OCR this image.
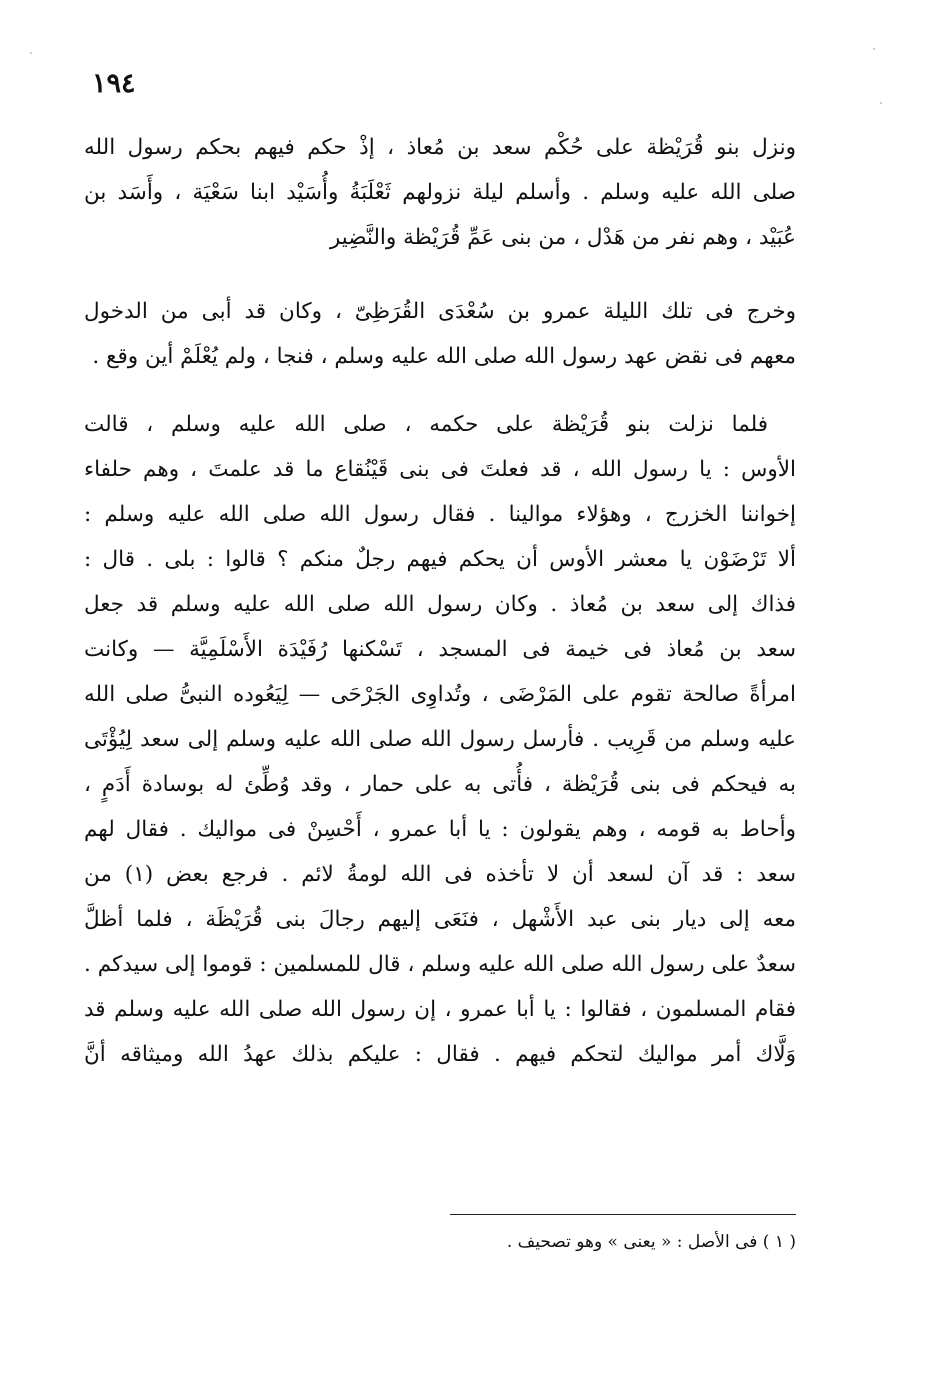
١٩٤
ونزل بنو قُرَيْظة على حُكْم سعد بن مُعاذ ، إذْ حكم فيهم بحكم رسول الله
صلى الله عليه وسلم . وأسلم ليلة نزولهم ثَعْلَبَةُ وأُسَيْد ابنا سَعْيَة ، وأَسَد بن
عُبَيْد ، وهم نفر من هَدْل ، من بنى عَمِّ قُرَيْظة والنَّضِير
وخرج فى تلك الليلة عمرو بن سُعْدَى القُرَظِىّ ، وكان قد أبى من الدخول
معهم فى نقض عهد رسول الله صلى الله عليه وسلم ، فنجا ، ولم يُعْلَمْ أين وقع .
فلما نزلت بنو قُرَيْظة على حكمه ، صلى الله عليه وسلم ، قالت
الأوس : يا رسول الله ، قد فعلتَ فى بنى قَيْنُقاع ما قد علمتَ ، وهم حلفاء
إخواننا الخزرج ، وهؤلاء موالينا . فقال رسول الله صلى الله عليه وسلم :
ألا تَرْضَوْن يا معشر الأوس أن يحكم فيهم رجلٌ منكم ؟ قالوا : بلى . قال :
فذاك إلى سعد بن مُعاذ . وكان رسول الله صلى الله عليه وسلم قد جعل
سعد بن مُعاذ فى خيمة فى المسجد ، تَسْكنها رُفَيْدَة الأَسْلَمِيَّة — وكانت
امرأةً صالحة تقوم على المَرْضَى ، وتُداوِى الجَرْحَى — لِيَعُوده النبىُّ صلى الله
عليه وسلم من قَرِيب . فأرسل رسول الله صلى الله عليه وسلم إلى سعد لِيُؤْتَى
به فيحكم فى بنى قُرَيْظة ، فأُتى به على حمار ، وقد وُطِّئ له بوسادة أَدَمٍ ،
وأحاط به قومه ، وهم يقولون : يا أبا عمرو ، أَحْسِنْ فى مواليك . فقال لهم
سعد : قد آن لسعد أن لا تأخذه فى الله لومةُ لائم . فرجع بعض (١) من
معه إلى ديار بنى عبد الأَشْهل ، فنَعَى إليهم رجالَ بنى قُرَيْظَة ، فلما أظلَّ
سعدٌ على رسول الله صلى الله عليه وسلم ، قال للمسلمين : قوموا إلى سيدكم .
فقام المسلمون ، فقالوا : يا أبا عمرو ، إن رسول الله صلى الله عليه وسلم قد
وَلَّاك أمر مواليك لتحكم فيهم . فقال : عليكم بذلك عهدُ الله وميثاقه أنَّ
( ١ ) فى الأصل : « يعنى » وهو تصحيف .
